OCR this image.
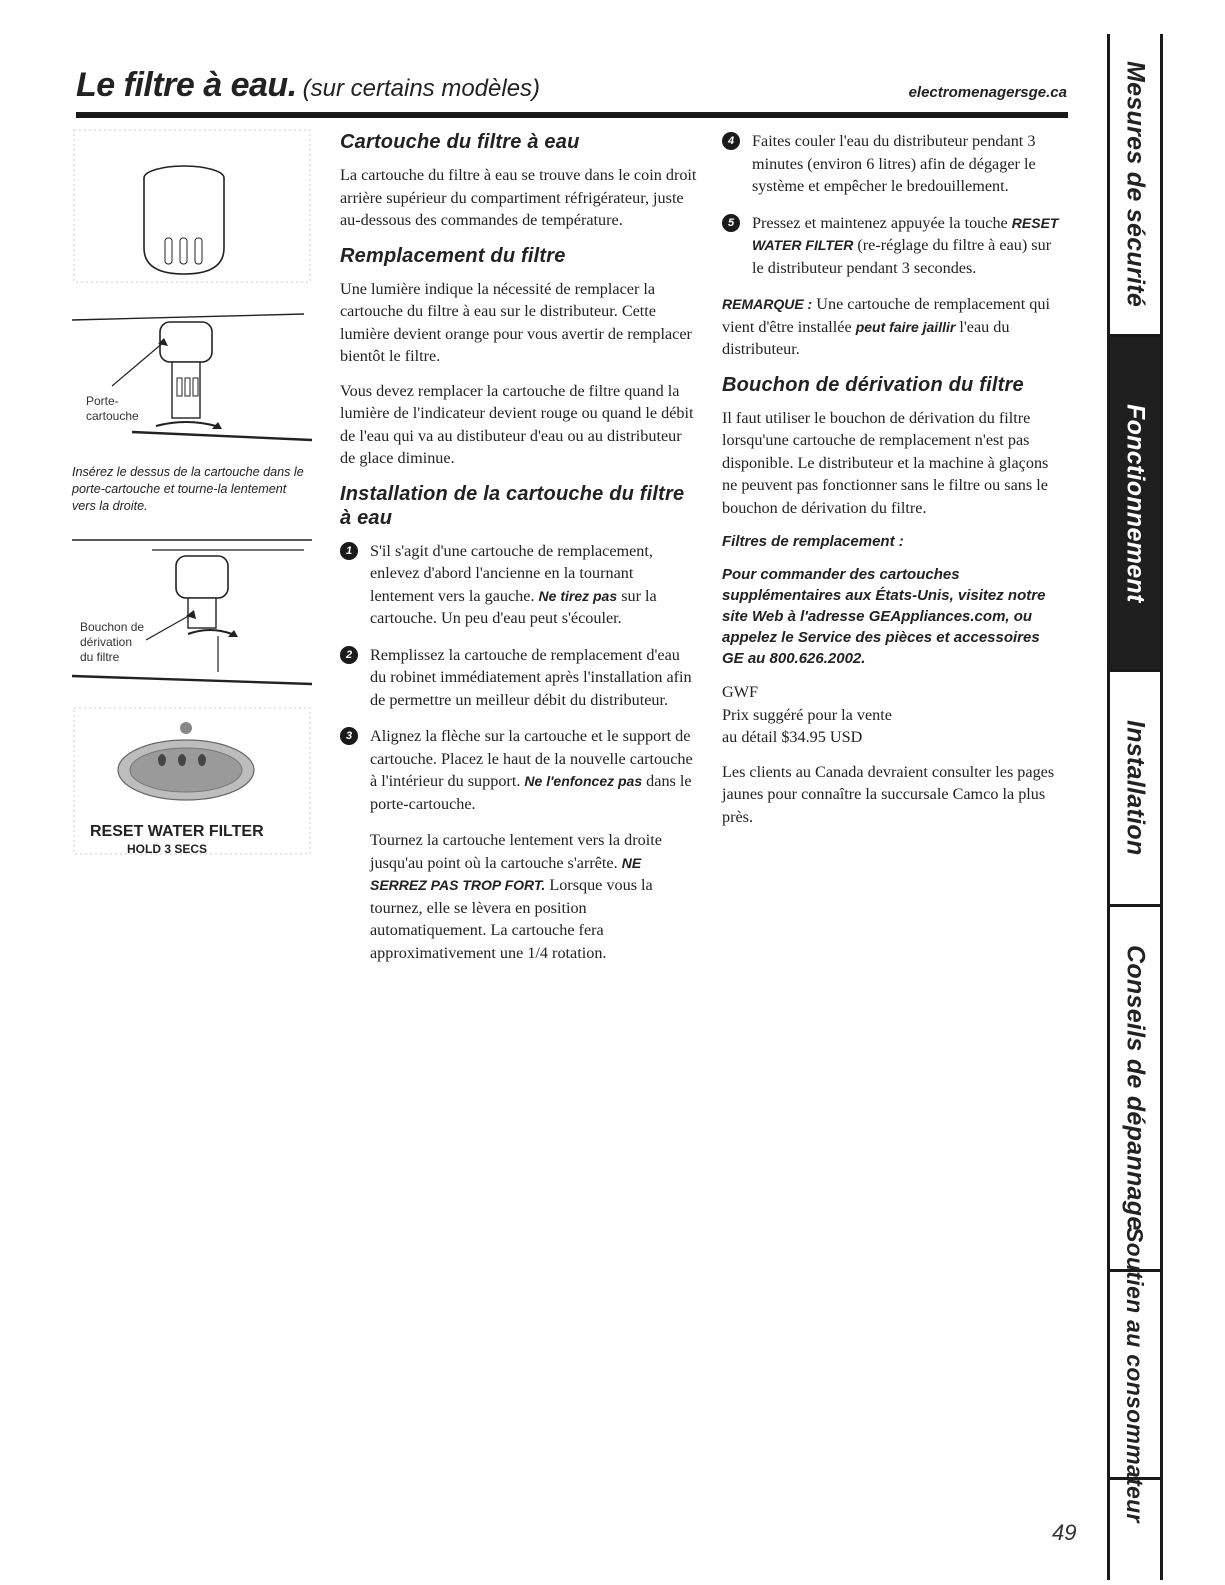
Le filtre à eau. (sur certains modèles)	electromenagersge.ca Mesures de sécurité
Fonctionnement
Installation
Conseils de dépannage
Soutien au consommateur
Porte-
cartouche
Insérez le dessus de la cartouche dans le porte-cartouche et tourne-la lentement vers la droite.
Bouchon de
dérivation
du filtre
RESET WATER FILTER
HOLD 3 SECS
Cartouche du filtre à eau

La cartouche du filtre à eau se trouve dans le coin droit arrière supérieur du compartiment réfrigérateur, juste au-dessous des commandes de température.

Remplacement du filtre

Une lumière indique la nécessité de remplacer la cartouche du filtre à eau sur le distributeur. Cette lumière devient orange pour vous avertir de remplacer bientôt le filtre.

Vous devez remplacer la cartouche de filtre quand la lumière de l'indicateur devient rouge ou quand le débit de l'eau qui va au distibuteur d'eau ou au distributeur de glace diminue.

Installation de la cartouche du filtre à eau
1	S'il s'agit d'une cartouche de remplacement, enlevez d'abord l'ancienne en la tournant lentement vers la gauche. Ne tirez pas sur la cartouche. Un peu d'eau peut s'écouler.
2	Remplissez la cartouche de remplacement d'eau du robinet immédiatement après l'installation afin de permettre un meilleur débit du distributeur.
3	Alignez la flèche sur la cartouche et le support de cartouche. Placez le haut de la nouvelle cartouche à l'intérieur du support. Ne l'enfoncez pas dans le porte-cartouche.

Tournez la cartouche lentement vers la droite jusqu'au point où la cartouche s'arrête. NE SERREZ PAS TROP FORT. Lorsque vous la tournez, elle se lèvera en position automatiquement. La cartouche fera approximativement une 1/4 rotation.

4	Faites couler l'eau du distributeur pendant 3 minutes (environ 6 litres) afin de dégager le système et empêcher le bredouillement.
5	Pressez et maintenez appuyée la touche RESET WATER FILTER (re-réglage du filtre à eau) sur le distributeur pendant 3 secondes.

REMARQUE : Une cartouche de remplacement qui vient d'être installée peut faire jaillir l'eau du distributeur.

Bouchon de dérivation du filtre

Il faut utiliser le bouchon de dérivation du filtre lorsqu'une cartouche de remplacement n'est pas disponible. Le distributeur et la machine à glaçons ne peuvent pas fonctionner sans le filtre ou sans le bouchon de dérivation du filtre.

Filtres de remplacement :

Pour commander des cartouches supplémentaires aux États-Unis, visitez notre site Web à l'adresse GEAppliances.com, ou appelez le Service des pièces et accessoires GE au 800.626.2002.

GWF
Prix suggéré pour la vente
au détail $34.95 USD

Les clients au Canada devraient consulter les pages jaunes pour connaître la succursale Camco la plus près.

49
